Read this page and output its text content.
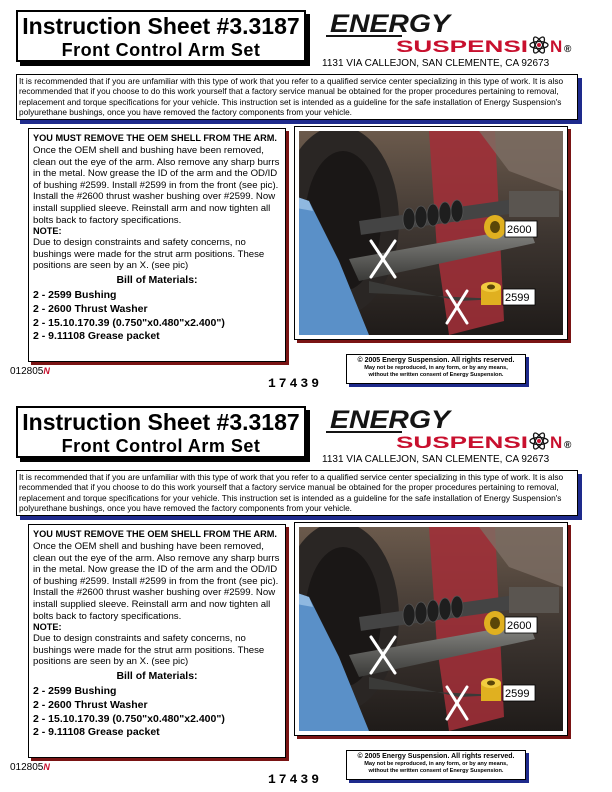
Instruction Sheet #3.3187
Front Control Arm Set
ENERGY
SUSPENSI N ®
1131 VIA CALLEJON, SAN CLEMENTE, CA 92673
It is recommended that if you are unfamiliar with this type of work that you refer to a qualified service center specializing in this type of work. It is also recommended that if you choose to do this work yourself that a factory service manual be obtained for the proper procedures pertaining to removal, replacement and torque specifications for your vehicle. This instruction set is intended as a guideline for the safe installation of Energy Suspension's polyurethane bushings, once you have removed the factory components from your vehicle.
YOU MUST REMOVE THE OEM SHELL FROM THE ARM.
Once the OEM shell and bushing have been removed, clean out the eye of the arm. Also remove any sharp burrs in the metal. Now grease the ID of the arm and the OD/ID of bushing #2599. Install #2599 in from the front (see pic). Install the #2600 thrust washer bushing over #2599. Now install supplied sleeve. Reinstall arm and now tighten all bolts back to factory specifications.
NOTE:
Due to design constraints and safety concerns, no bushings were made for the strut arm positions. These positions are seen by an X. (see pic)
Bill of Materials:
2 - 2599 Bushing
2 - 2600 Thrust Washer
2 - 15.10.170.39 (0.750"x0.480"x2.400")
2 - 9.11108 Grease packet
2600
2599
© 2005 Energy Suspension. All rights reserved.
May not be reproduced, in any form, or by any means,
without the written consent of Energy Suspension.
012805N
17439
Instruction Sheet #3.3187
Front Control Arm Set
ENERGY
SUSPENSI N ®
1131 VIA CALLEJON, SAN CLEMENTE, CA 92673
It is recommended that if you are unfamiliar with this type of work that you refer to a qualified service center specializing in this type of work. It is also recommended that if you choose to do this work yourself that a factory service manual be obtained for the proper procedures pertaining to removal, replacement and torque specifications for your vehicle. This instruction set is intended as a guideline for the safe installation of Energy Suspension's polyurethane bushings, once you have removed the factory components from your vehicle.
YOU MUST REMOVE THE OEM SHELL FROM THE ARM.
Once the OEM shell and bushing have been removed, clean out the eye of the arm. Also remove any sharp burrs in the metal. Now grease the ID of the arm and the OD/ID of bushing #2599. Install #2599 in from the front (see pic). Install the #2600 thrust washer bushing over #2599. Now install supplied sleeve. Reinstall arm and now tighten all bolts back to factory specifications.
NOTE:
Due to design constraints and safety concerns, no bushings were made for the strut arm positions. These positions are seen by an X. (see pic)
Bill of Materials:
2 - 2599 Bushing
2 - 2600 Thrust Washer
2 - 15.10.170.39 (0.750"x0.480"x2.400")
2 - 9.11108 Grease packet
2600
2599
© 2005 Energy Suspension. All rights reserved.
May not be reproduced, in any form, or by any means,
without the written consent of Energy Suspension.
012805N
17439
